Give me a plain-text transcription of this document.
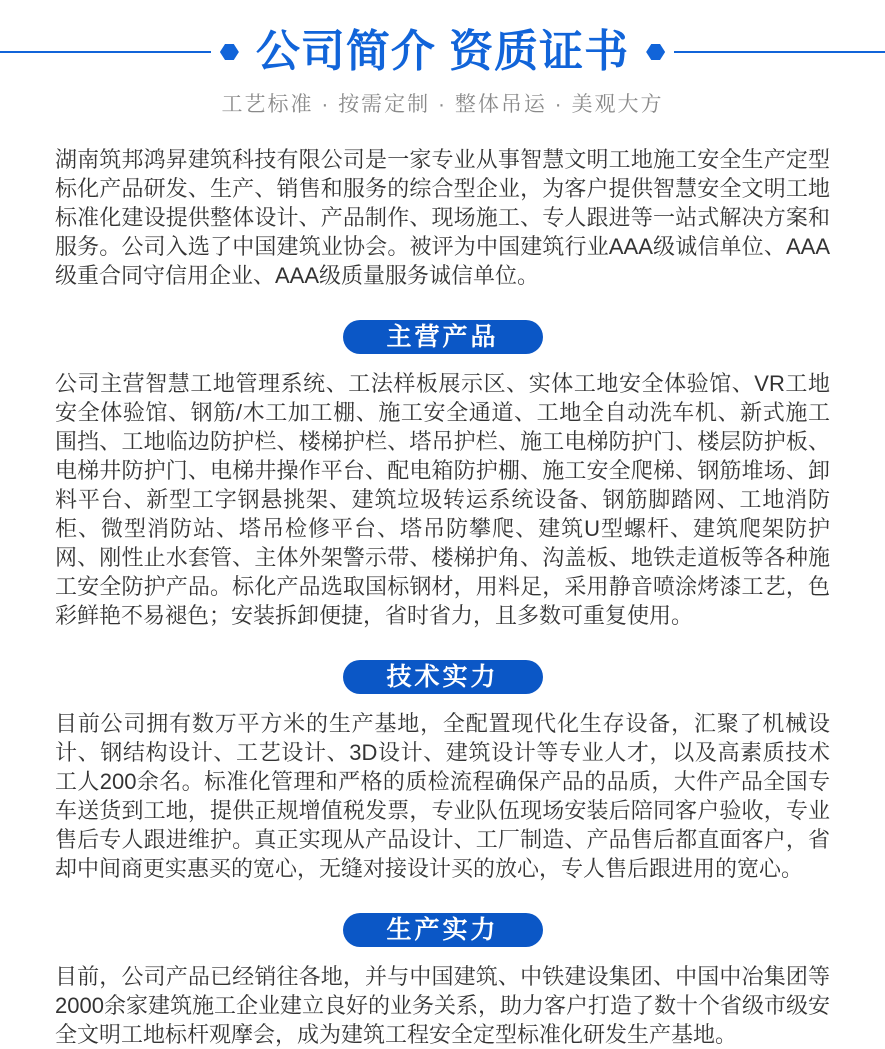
公司简介 资质证书
工艺标准 · 按需定制 · 整体吊运 · 美观大方

湖南筑邦鸿昇建筑科技有限公司是一家专业从事智慧文明工地施工安全生产定型标化产品研发、生产、销售和服务的综合型企业，为客户提供智慧安全文明工地标准化建设提供整体设计、产品制作、现场施工、专人跟进等一站式解决方案和服务。公司入选了中国建筑业协会。被评为中国建筑行业AAA级诚信单位、AAA级重合同守信用企业、AAA级质量服务诚信单位。

主营产品

公司主营智慧工地管理系统、工法样板展示区、实体工地安全体验馆、VR工地安全体验馆、钢筋/木工加工棚、施工安全通道、工地全自动洗车机、新式施工围挡、工地临边防护栏、楼梯护栏、塔吊护栏、施工电梯防护门、楼层防护板、电梯井防护门、电梯井操作平台、配电箱防护棚、施工安全爬梯、钢筋堆场、卸料平台、新型工字钢悬挑架、建筑垃圾转运系统设备、钢筋脚踏网、工地消防柜、微型消防站、塔吊检修平台、塔吊防攀爬、建筑U型螺杆、建筑爬架防护网、刚性止水套管、主体外架警示带、楼梯护角、沟盖板、地铁走道板等各种施工安全防护产品。标化产品选取国标钢材，用料足，采用静音喷涂烤漆工艺，色彩鲜艳不易褪色；安装拆卸便捷，省时省力，且多数可重复使用。

技术实力

目前公司拥有数万平方米的生产基地，全配置现代化生存设备，汇聚了机械设计、钢结构设计、工艺设计、3D设计、建筑设计等专业人才，以及高素质技术工人200余名。标准化管理和严格的质检流程确保产品的品质，大件产品全国专车送货到工地，提供正规增值税发票，专业队伍现场安装后陪同客户验收，专业售后专人跟进维护。真正实现从产品设计、工厂制造、产品售后都直面客户，省却中间商更实惠买的宽心，无缝对接设计买的放心，专人售后跟进用的宽心。

生产实力

目前，公司产品已经销往各地，并与中国建筑、中铁建设集团、中国中冶集团等2000余家建筑施工企业建立良好的业务关系，助力客户打造了数十个省级市级安全文明工地标杆观摩会，成为建筑工程安全定型标准化研发生产基地。
